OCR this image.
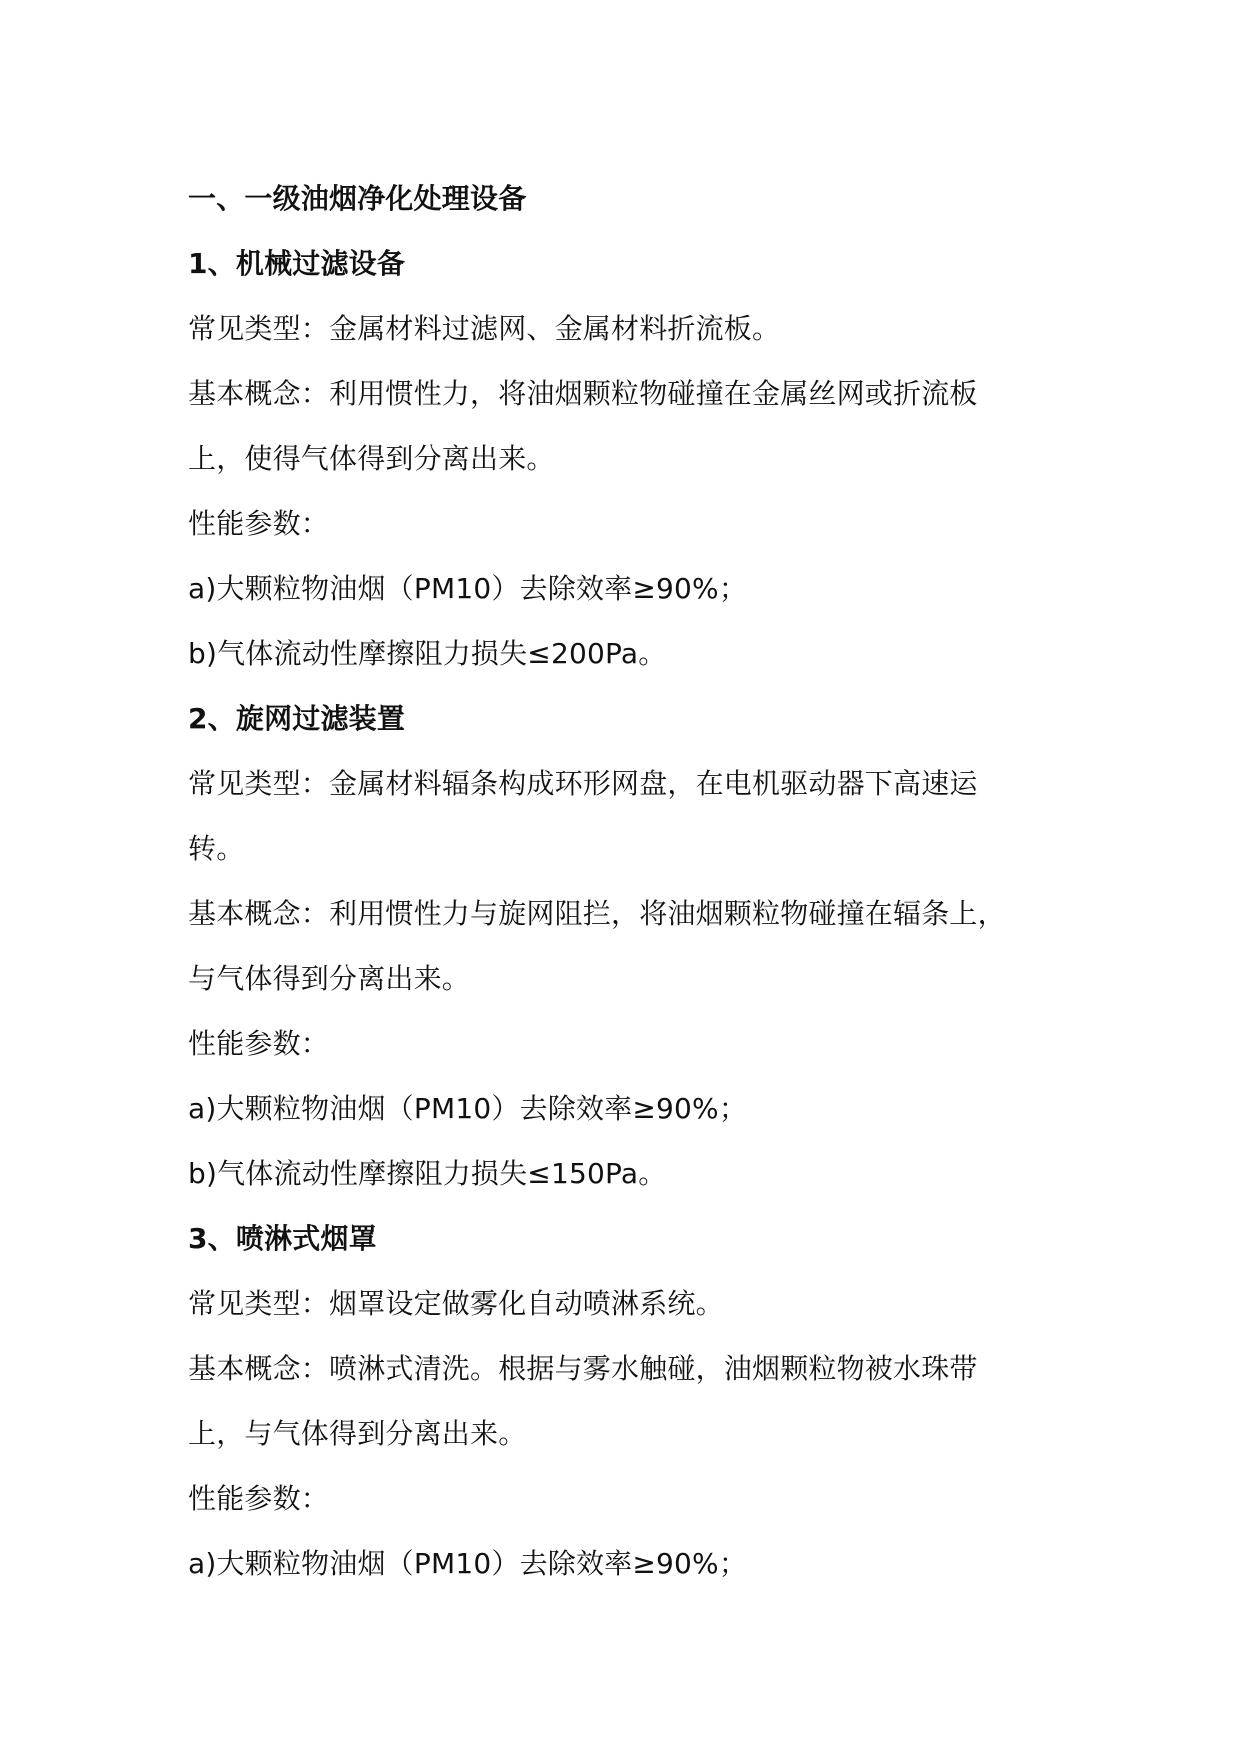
一、一级油烟净化处理设备
1、机械过滤设备
常见类型：金属材料过滤网、金属材料折流板。
基本概念：利用惯性力，将油烟颗粒物碰撞在金属丝网或折流板
上，使得气体得到分离出来。
性能参数：
a)大颗粒物油烟（PM10）去除效率≥90%；
b)气体流动性摩擦阻力损失≤200Pa。
2、旋网过滤装置
常见类型：金属材料辐条构成环形网盘，在电机驱动器下高速运
转。
基本概念：利用惯性力与旋网阻拦，将油烟颗粒物碰撞在辐条上，
与气体得到分离出来。
性能参数：
a)大颗粒物油烟（PM10）去除效率≥90%；
b)气体流动性摩擦阻力损失≤150Pa。
3、喷淋式烟罩
常见类型：烟罩设定做雾化自动喷淋系统。
基本概念：喷淋式清洗。根据与雾水触碰，油烟颗粒物被水珠带
上，与气体得到分离出来。
性能参数：
a)大颗粒物油烟（PM10）去除效率≥90%；
